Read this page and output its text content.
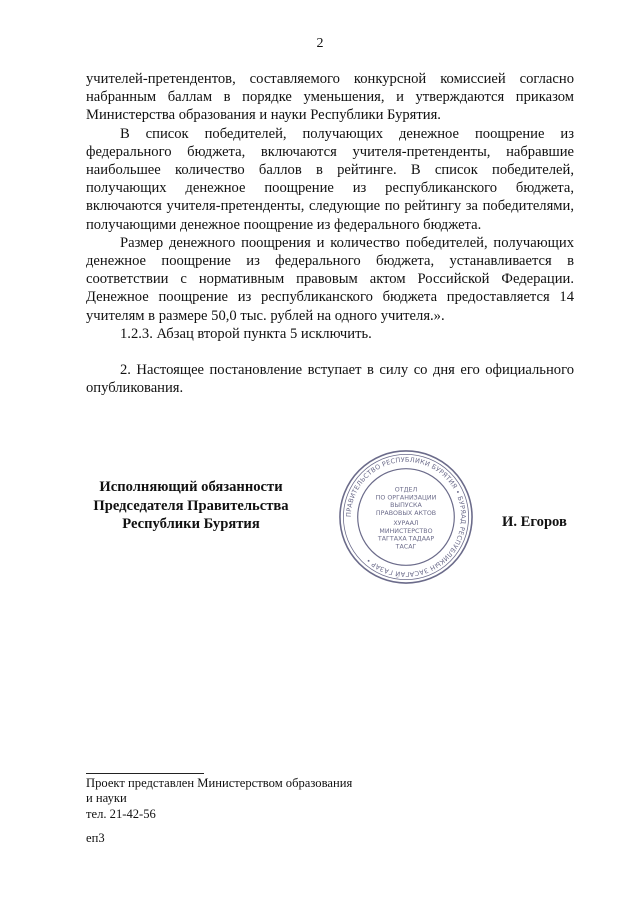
2

учителей-претендентов, составляемого конкурсной комиссией согласно набранным баллам в порядке уменьшения, и утверждаются приказом Министерства образования и науки Республики Бурятия.

В список победителей, получающих денежное поощрение из федерального бюджета, включаются учителя-претенденты, набравшие наибольшее количество баллов в рейтинге. В список победителей, получающих денежное поощрение из республиканского бюджета, включаются учителя-претенденты, следующие по рейтингу за победителями, получающими денежное поощрение из федерального бюджета.

Размер денежного поощрения и количество победителей, получающих денежное поощрение из федерального бюджета, устанавливается в соответствии с нормативным правовым актом Российской Федерации. Денежное поощрение из республиканского бюджета предоставляется 14 учителям в размере 50,0 тыс. рублей на одного учителя.».

1.2.3. Абзац второй пункта 5 исключить.

2. Настоящее постановление вступает в силу со дня его официального опубликования.

Исполняющий обязанности
Председателя Правительства
Республики Бурятия
ПРАВИТЕЛЬСТВО РЕСПУБЛИКИ БУРЯТИЯ • БУРЯАД РЕСПУБЛИКЫН ЗАСАГАЙ ГАЗАР •
ОТДЕЛ
ПО ОРГАНИЗАЦИИ
ВЫПУСКА
ПРАВОВЫХ АКТОВ
ХУРААЛ
МИНИСТЕРСТВО
ТАГТАХА ТАДААР
ТАСАГ
И. Егоров
Проект представлен Министерством образования
и науки
тел. 21-42-56
еп3
